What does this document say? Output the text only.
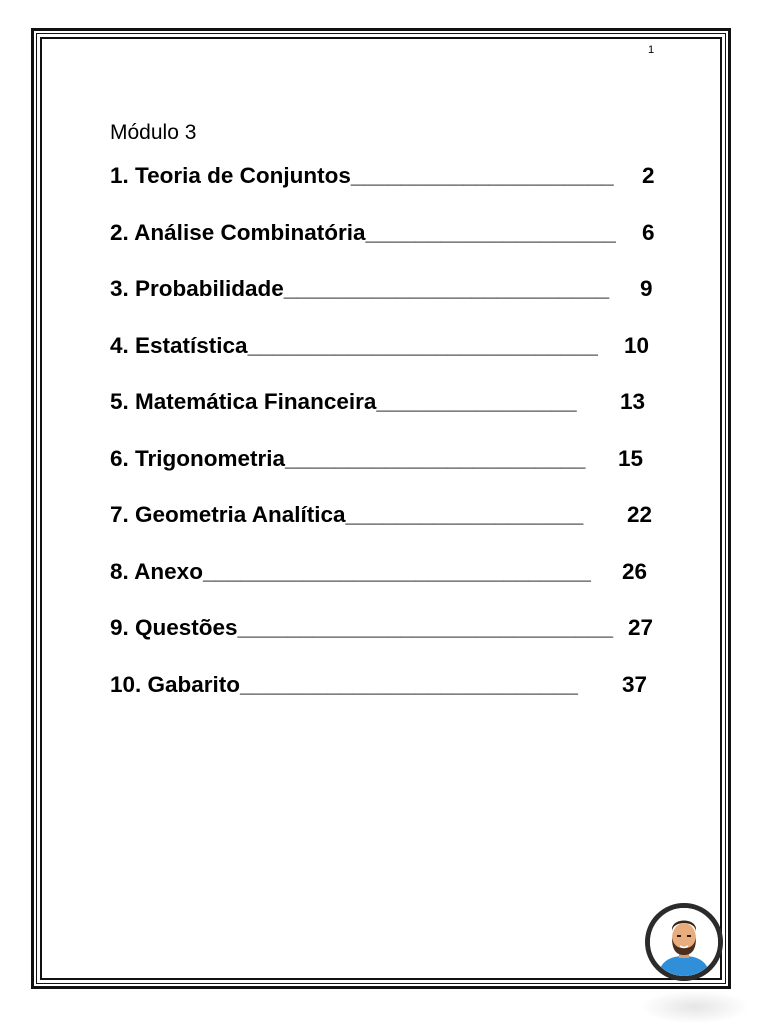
1
Módulo 3
1. Teoria de Conjuntos_____________________ 2
2. Análise Combinatória____________________ 6
3. Probabilidade__________________________ 9
4. Estatística____________________________ 10
5. Matemática Financeira________________ 13
6. Trigonometria________________________ 15
7. Geometria Analítica___________________ 22
8. Anexo_______________________________ 26
9. Questões______________________________ 27
10. Gabarito___________________________ 37
